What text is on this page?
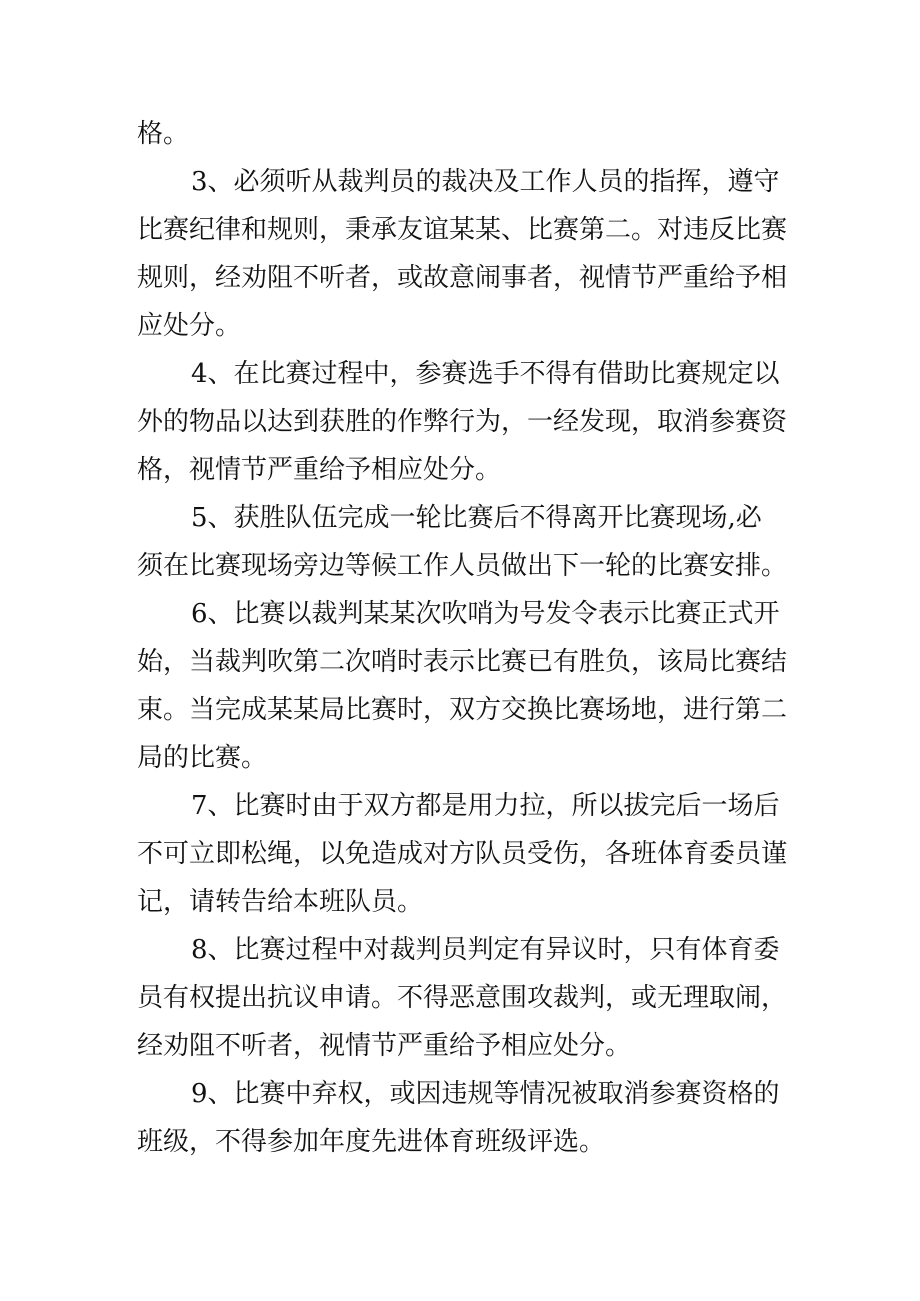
格。
3、必须听从裁判员的裁决及工作人员的指挥，遵守
比赛纪律和规则，秉承友谊某某、比赛第二。对违反比赛
规则，经劝阻不听者，或故意闹事者，视情节严重给予相
应处分。
4、在比赛过程中，参赛选手不得有借助比赛规定以
外的物品以达到获胜的作弊行为，一经发现，取消参赛资
格，视情节严重给予相应处分。
5、获胜队伍完成一轮比赛后不得离开比赛现场,必
须在比赛现场旁边等候工作人员做出下一轮的比赛安排。
6、比赛以裁判某某次吹哨为号发令表示比赛正式开
始，当裁判吹第二次哨时表示比赛已有胜负，该局比赛结
束。当完成某某局比赛时，双方交换比赛场地，进行第二
局的比赛。
7、比赛时由于双方都是用力拉，所以拔完后一场后
不可立即松绳，以免造成对方队员受伤，各班体育委员谨
记，请转告给本班队员。
8、比赛过程中对裁判员判定有异议时，只有体育委
员有权提出抗议申请。不得恶意围攻裁判，或无理取闹，
经劝阻不听者，视情节严重给予相应处分。
9、比赛中弃权，或因违规等情况被取消参赛资格的
班级，不得参加年度先进体育班级评选。
